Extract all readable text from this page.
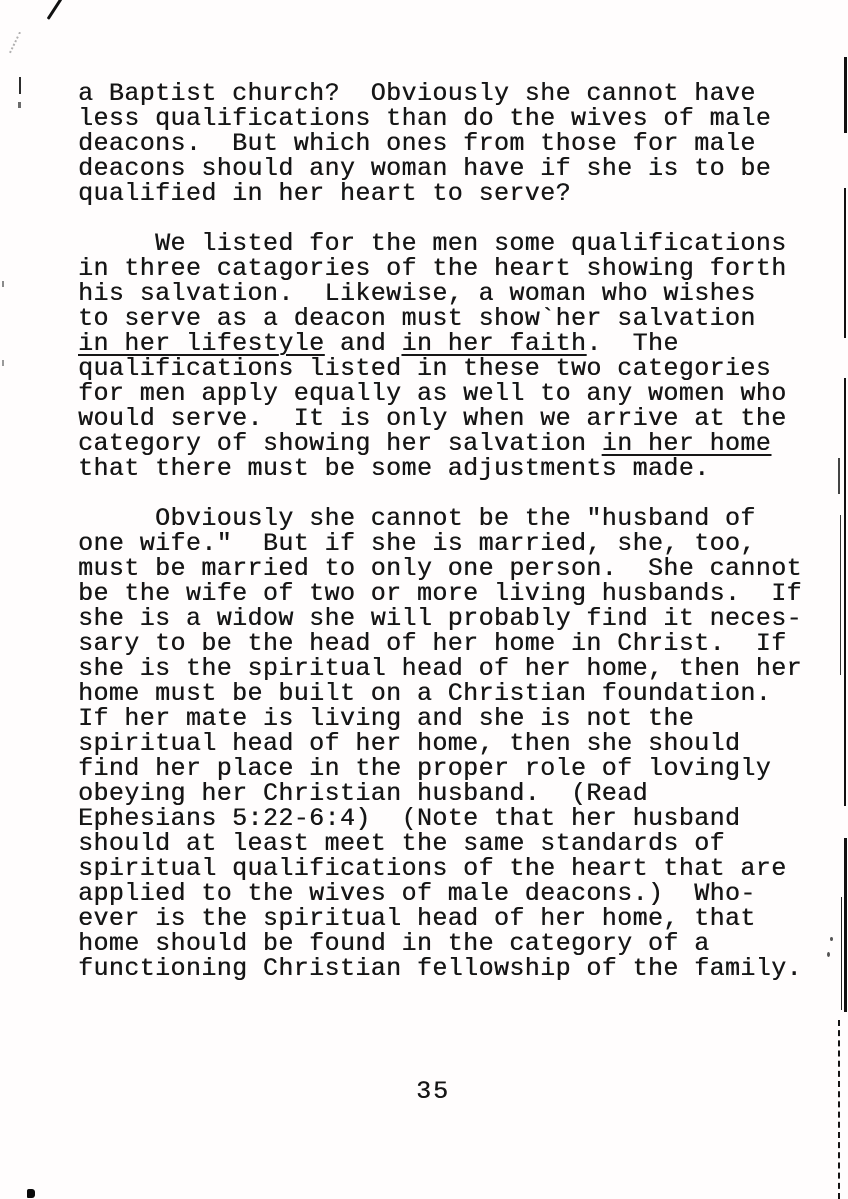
a Baptist church?  Obviously she cannot have
less qualifications than do the wives of male
deacons.  But which ones from those for male
deacons should any woman have if she is to be
qualified in her heart to serve?
We listed for the men some qualifications
in three catagories of the heart showing forth
his salvation.  Likewise, a woman who wishes
to serve as a deacon must show`her salvation
in her lifestyle and in her faith.  The
qualifications listed in these two categories
for men apply equally as well to any women who
would serve.  It is only when we arrive at the
category of showing her salvation in her home
that there must be some adjustments made.
Obviously she cannot be the "husband of
one wife."  But if she is married, she, too,
must be married to only one person.  She cannot
be the wife of two or more living husbands.  If
she is a widow she will probably find it neces-
sary to be the head of her home in Christ.  If
she is the spiritual head of her home, then her
home must be built on a Christian foundation.
If her mate is living and she is not the
spiritual head of her home, then she should
find her place in the proper role of lovingly
obeying her Christian husband.  (Read
Ephesians 5:22-6:4)  (Note that her husband
should at least meet the same standards of
spiritual qualifications of the heart that are
applied to the wives of male deacons.)  Who-
ever is the spiritual head of her home, that
home should be found in the category of a
functioning Christian fellowship of the family.
35
